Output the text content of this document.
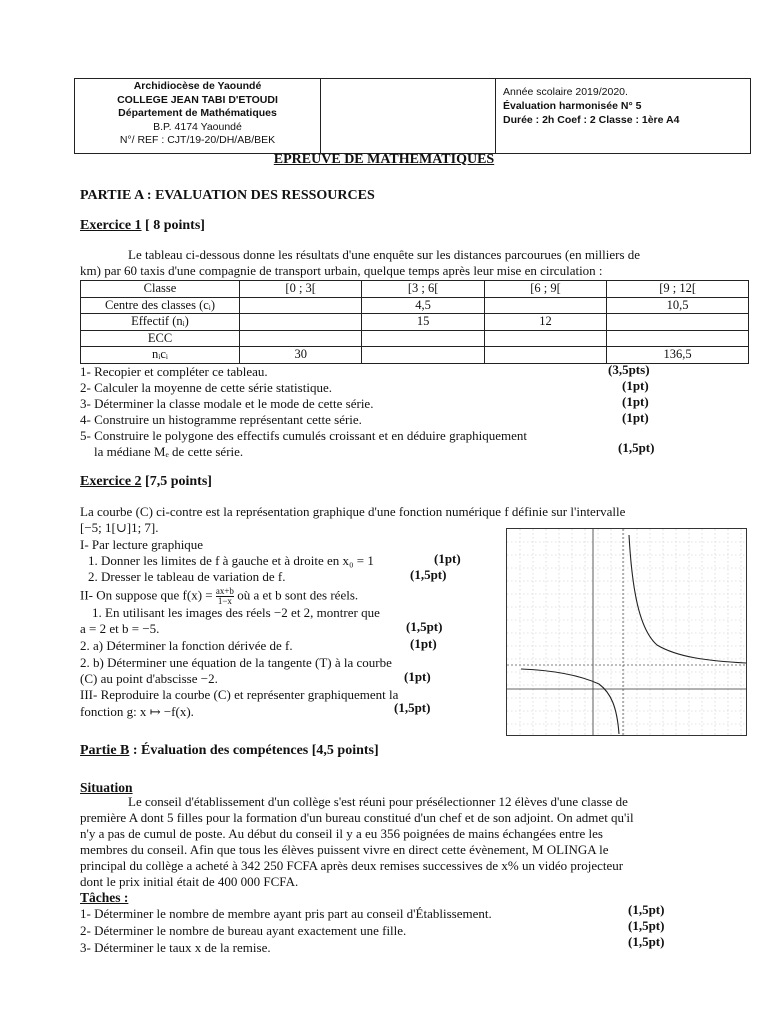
Archidiocèse de Yaoundé
COLLEGE JEAN TABI D'ETOUDI
Département de Mathématiques
B.P. 4174 Yaoundé
N°/ REF : CJT/19-20/DH/AB/BEK
Année scolaire 2019/2020.
Évaluation harmonisée N° 5
Durée : 2h Coef : 2 Classe : 1ère A4
EPREUVE DE MATHEMATIQUES
PARTIE A : EVALUATION DES RESSOURCES
Exercice 1 [ 8 points]
Le tableau ci-dessous donne les résultats d'une enquête sur les distances parcourues (en milliers de
km) par 60 taxis d'une compagnie de transport urbain, quelque temps après leur mise en circulation :
Classe	[0 ; 3[	[3 ; 6[	[6 ; 9[	[9 ; 12[
Centre des classes (cᵢ)		4,5		10,5
Effectif (nᵢ)		15	12	
ECC				
nᵢcᵢ	30			136,5
1- Recopier et compléter ce tableau.	(3,5pts)
2- Calculer la moyenne de cette série statistique.	(1pt)
3- Déterminer la classe modale et le mode de cette série.	(1pt)
4- Construire un histogramme représentant cette série.	(1pt)
5- Construire le polygone des effectifs cumulés croissant et en déduire graphiquement
la médiane Mₑ de cette série.	(1,5pt)
Exercice 2 [7,5 points]
La courbe (C) ci-contre est la représentation graphique d'une fonction numérique f définie sur l'intervalle
[−5; 1[∪]1; 7].
I- Par lecture graphique
1. Donner les limites de f à gauche et à droite en x₀ = 1	(1pt)
2. Dresser le tableau de variation de f.	(1,5pt)
II- On suppose que $f(x) = \frac{ax+b}{1-x}$ où a et b sont des réels.
1. En utilisant les images des réels −2 et 2, montrer que
a = 2 et b = −5.	(1,5pt)
2. a) Déterminer la fonction dérivée de f.	(1pt)
2. b) Déterminer une équation de la tangente (T) à la courbe
(C) au point d'abscisse −2.	(1pt)
III- Reproduire la courbe (C) et représenter graphiquement la
fonction g: x ↦ −f(x).	(1,5pt)
Partie B : Évaluation des compétences [4,5 points]
Situation
Le conseil d'établissement d'un collège s'est réuni pour présélectionner 12 élèves d'une classe de
première A dont 5 filles pour la formation d'un bureau constitué d'un chef et de son adjoint. On admet qu'il
n'y a pas de cumul de poste. Au début du conseil il y a eu 356 poignées de mains échangées entre les
membres du conseil. Afin que tous les élèves puissent vivre en direct cette évènement, M OLINGA le
principal du collège a acheté à 342 250 FCFA après deux remises successives de x% un vidéo projecteur
dont le prix initial était de 400 000 FCFA.
Tâches :
1- Déterminer le nombre de membre ayant pris part au conseil d'Établissement.	(1,5pt)
2- Déterminer le nombre de bureau ayant exactement une fille.	(1,5pt)
3- Déterminer le taux x de la remise.	(1,5pt)
